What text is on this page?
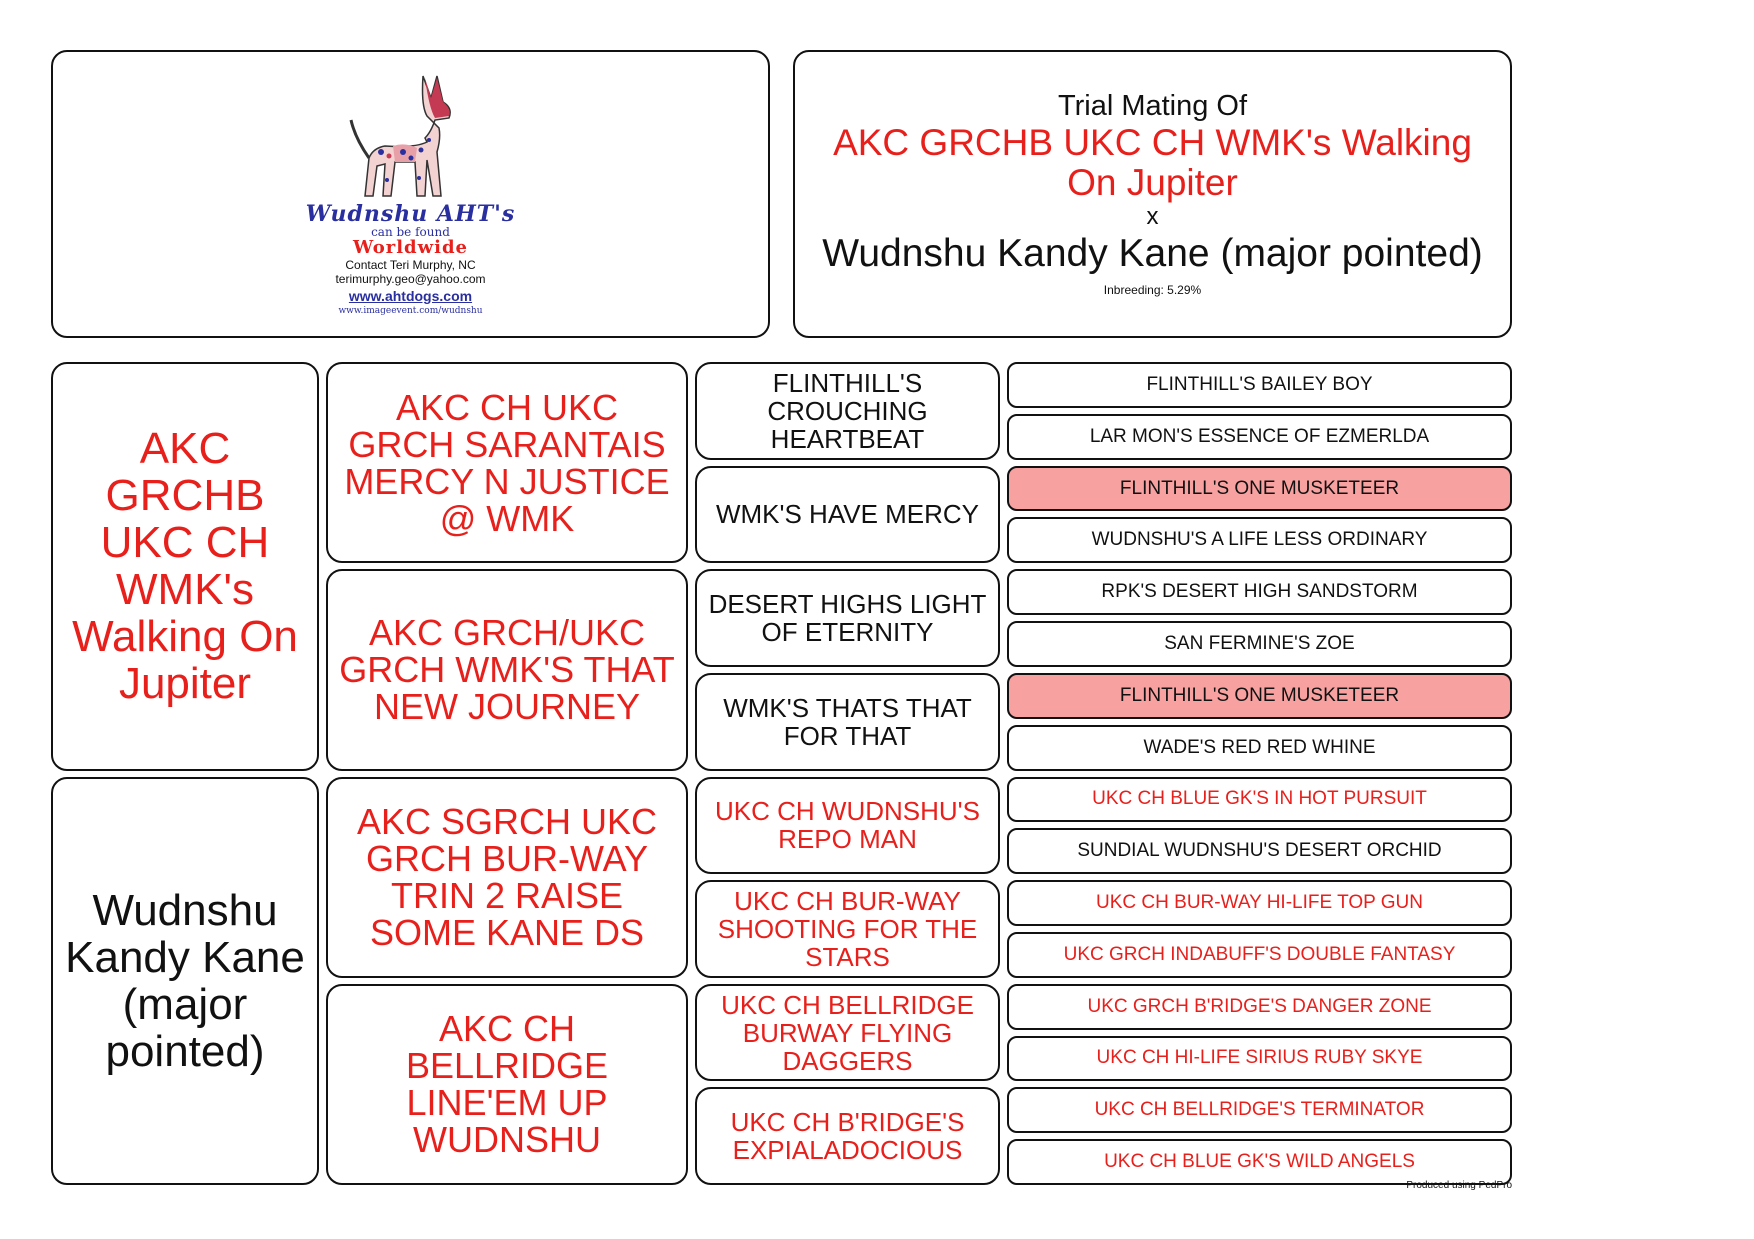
Wudnshu AHT's
can be found
Worldwide
Contact Teri Murphy, NC
terimurphy.geo@yahoo.com
www.ahtdogs.com
www.imageevent.com/wudnshu
Trial Mating Of
AKC GRCHB UKC CH WMK's Walking On Jupiter
x
Wudnshu Kandy Kane (major pointed)
Inbreeding: 5.29%
AKC GRCHB UKC CH WMK's Walking On Jupiter
Wudnshu Kandy Kane (major pointed)
AKC CH UKC GRCH SARANTAIS MERCY N JUSTICE @ WMK
AKC GRCH/UKC GRCH WMK'S THAT NEW JOURNEY
AKC SGRCH UKC GRCH BUR-WAY TRIN 2 RAISE SOME KANE DS
AKC CH BELLRIDGE LINE'EM UP WUDNSHU
FLINTHILL'S CROUCHING HEARTBEAT
WMK'S HAVE MERCY
DESERT HIGHS LIGHT OF ETERNITY
WMK'S THATS THAT FOR THAT
UKC CH WUDNSHU'S REPO MAN
UKC CH BUR-WAY SHOOTING FOR THE STARS
UKC CH BELLRIDGE BURWAY FLYING DAGGERS
UKC CH B'RIDGE'S EXPIALADOCIOUS
FLINTHILL'S BAILEY BOY
LAR MON'S ESSENCE OF EZMERLDA
FLINTHILL'S ONE MUSKETEER
WUDNSHU'S A LIFE LESS ORDINARY
RPK'S DESERT HIGH SANDSTORM
SAN FERMINE'S ZOE
FLINTHILL'S ONE MUSKETEER
WADE'S RED RED WHINE
UKC CH BLUE GK'S IN HOT PURSUIT
SUNDIAL WUDNSHU'S DESERT ORCHID
UKC CH BUR-WAY HI-LIFE TOP GUN
UKC GRCH INDABUFF'S DOUBLE FANTASY
UKC GRCH B'RIDGE'S DANGER ZONE
UKC CH HI-LIFE SIRIUS RUBY SKYE
UKC CH BELLRIDGE'S TERMINATOR
UKC CH BLUE GK'S WILD ANGELS
Produced using PedPro
